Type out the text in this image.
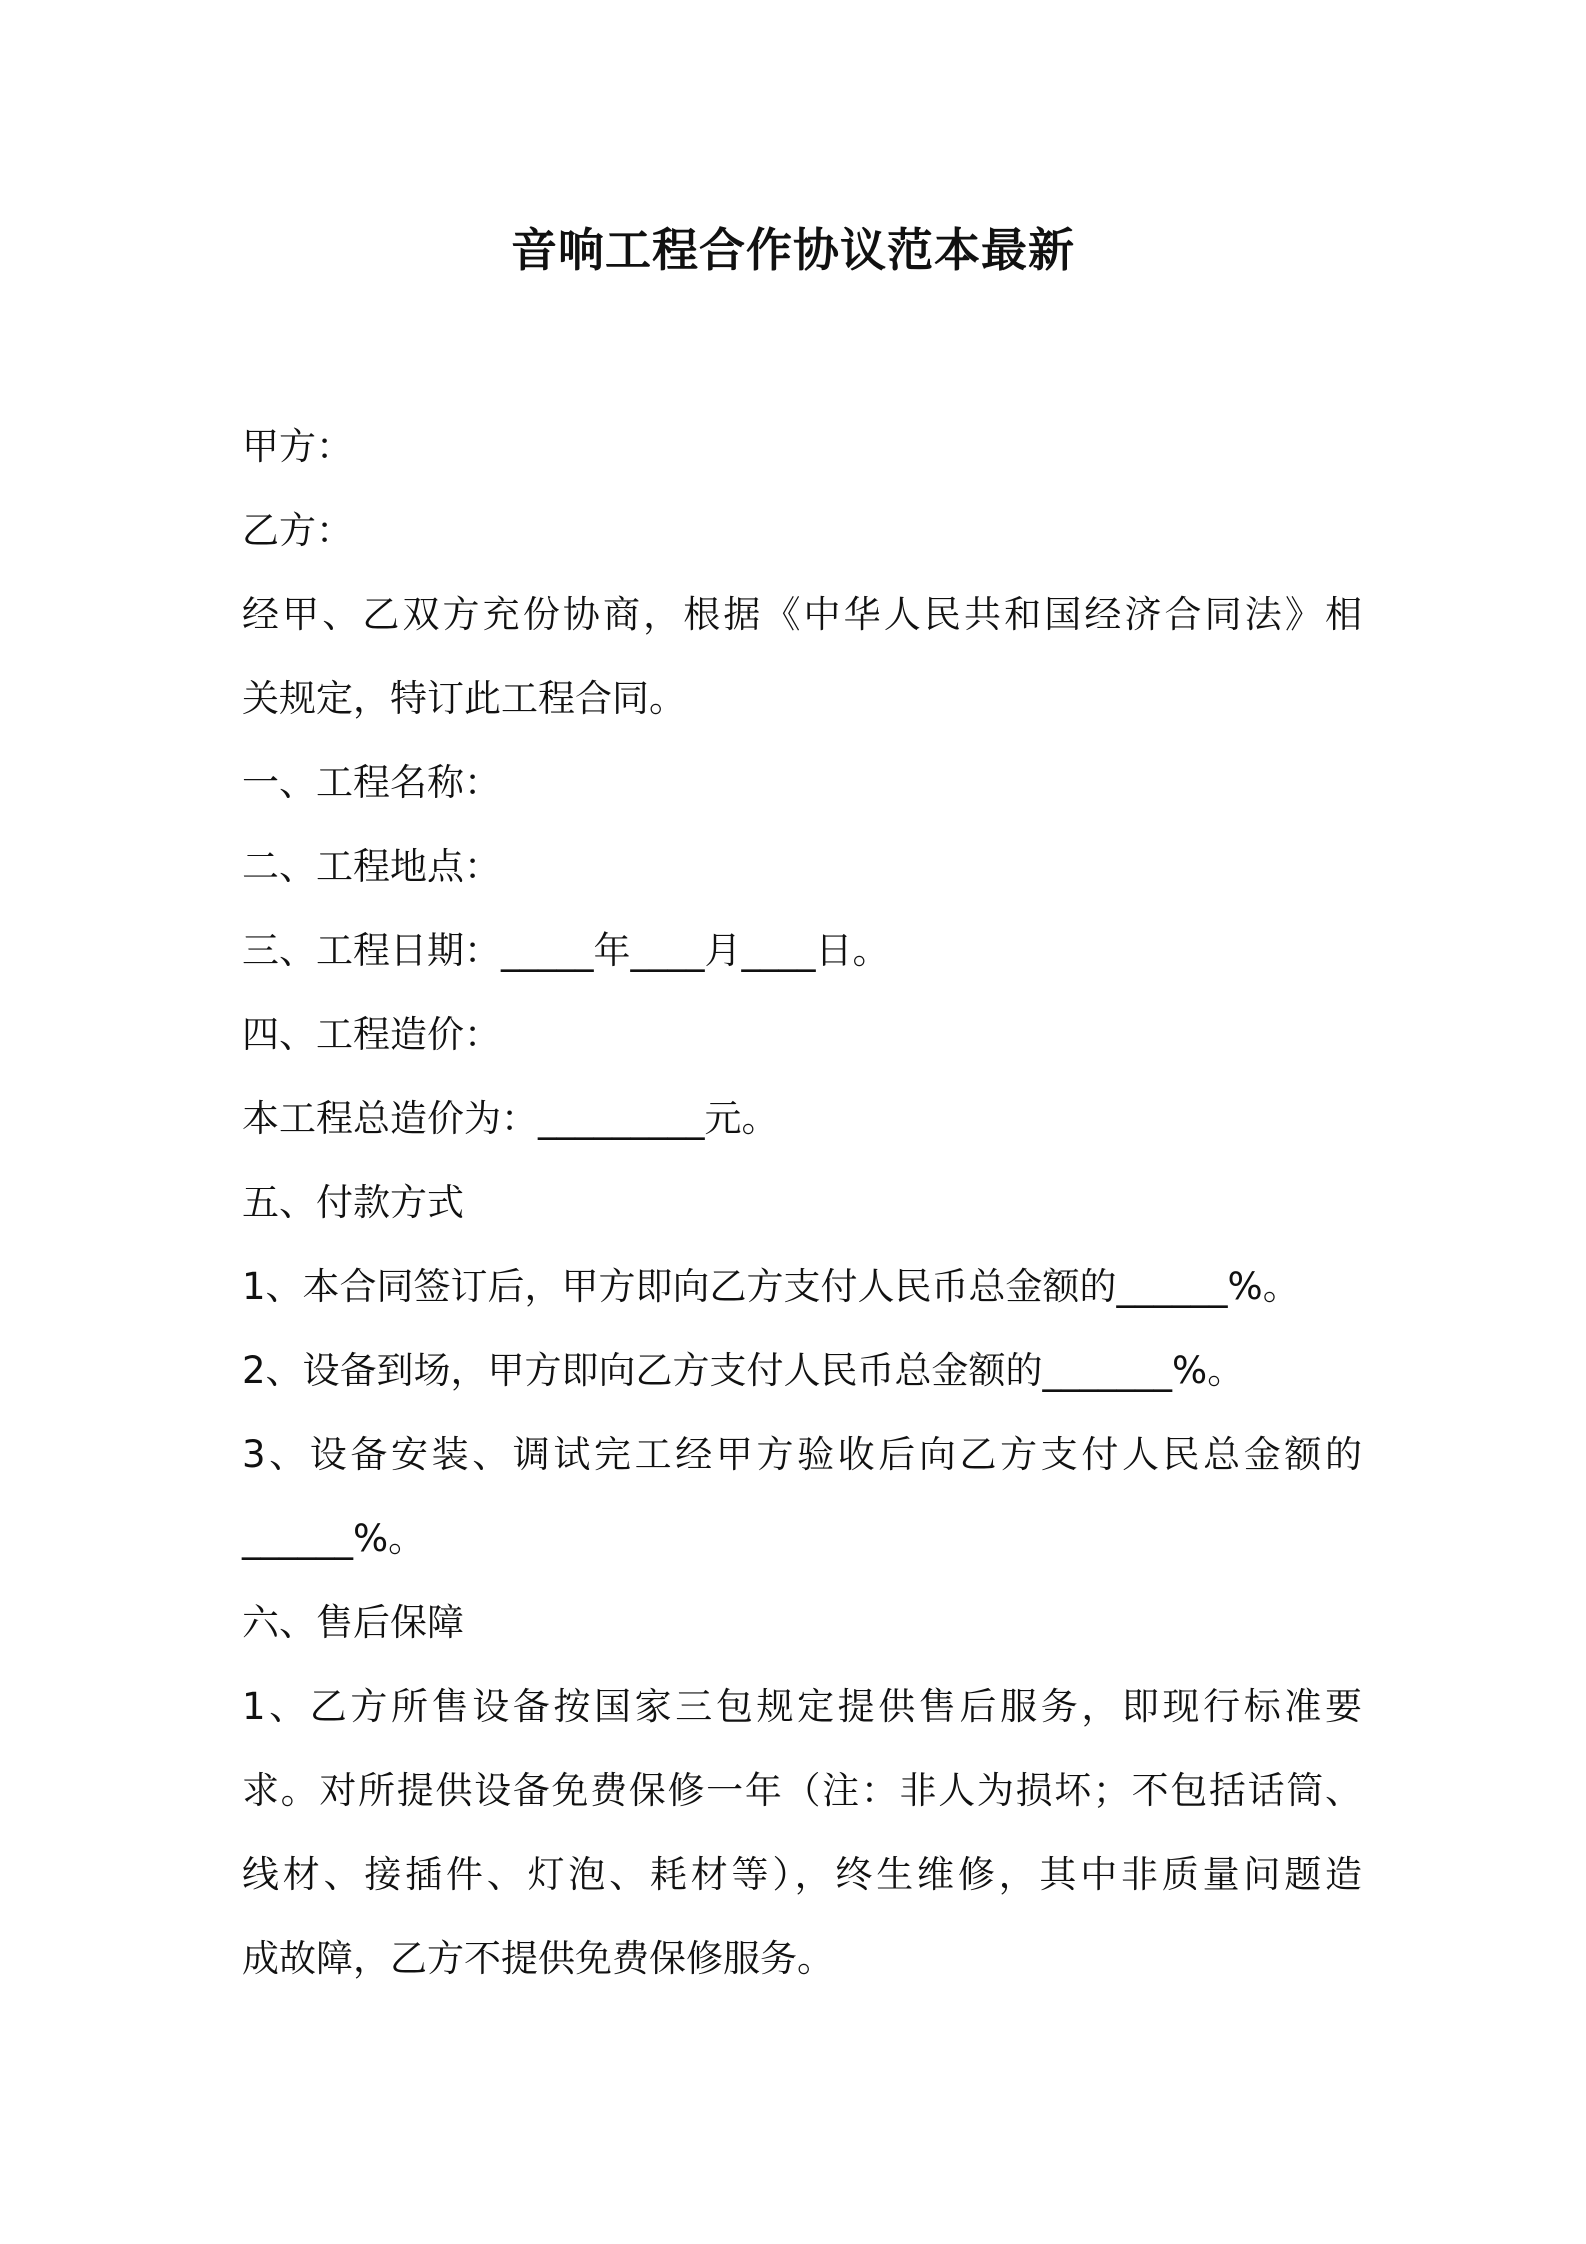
音响工程合作协议范本最新
甲方：
乙方：
经甲、乙双方充份协商，根据《中华人民共和国经济合同法》相
关规定，特订此工程合同。
一、工程名称：
二、工程地点：
三、工程日期：_____年____月____日。
四、工程造价：
本工程总造价为：_________元。
五、付款方式
1、本合同签订后，甲方即向乙方支付人民币总金额的______%。
2、设备到场，甲方即向乙方支付人民币总金额的_______%。
3、设备安装、调试完工经甲方验收后向乙方支付人民总金额的
______%。
六、售后保障
1、乙方所售设备按国家三包规定提供售后服务，即现行标准要
求。对所提供设备免费保修一年（注：非人为损坏；不包括话筒、
线材、接插件、灯泡、耗材等），终生维修，其中非质量问题造
成故障，乙方不提供免费保修服务。
